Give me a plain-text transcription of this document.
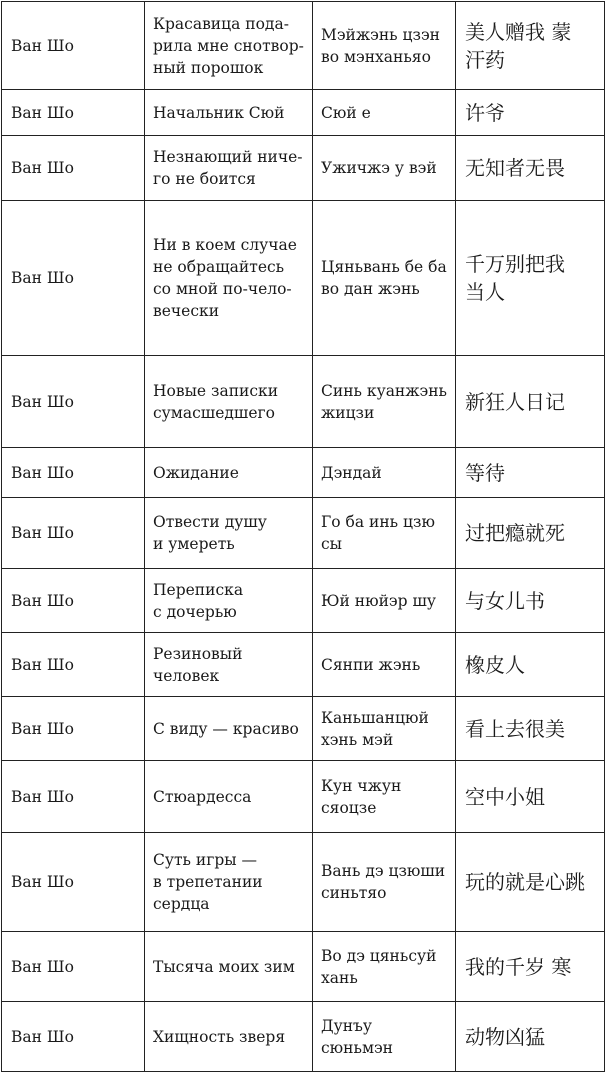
Ван Шо	Красавица пода-
рила мне снотвор-
ный порошок	Мэйжэнь цзэн
во мэнханьяо	美人赠我 蒙
汗药

Ван Шо	Начальник Сюй	Сюй е	许爷

Ван Шо	Незнающий ниче-
го не боится	Ужичжэ у вэй	无知者无畏

Ван Шо	Ни в коем случае
не обращайтесь
со мной по-чело-
вечески	Цяньвань бе ба
во дан жэнь	千万别把我
当人

Ван Шо	Новые записки
сумасшедшего	Синь куанжэнь
жицзи	新狂人日记

Ван Шо	Ожидание	Дэндай	等待

Ван Шо	Отвести душу
и умереть	Го ба инь цзю
сы	过把瘾就死

Ван Шо	Переписка
с дочерью	Юй нюйэр шу	与女儿书

Ван Шо	Резиновый
человек	Сянпи жэнь	橡皮人

Ван Шо	С виду — красиво	Каньшанцюй
хэнь мэй	看上去很美

Ван Шо	Стюардесса	Кун чжун
сяоцзе	空中小姐

Ван Шо	Суть игры —
в трепетании
сердца	Вань дэ цзюши
синьтяо	玩的就是心跳

Ван Шо	Тысяча моих зим	Во дэ цяньсуй
хань	我的千岁 寒

Ван Шо	Хищность зверя	Дунъу
сюньмэн	动物凶猛
